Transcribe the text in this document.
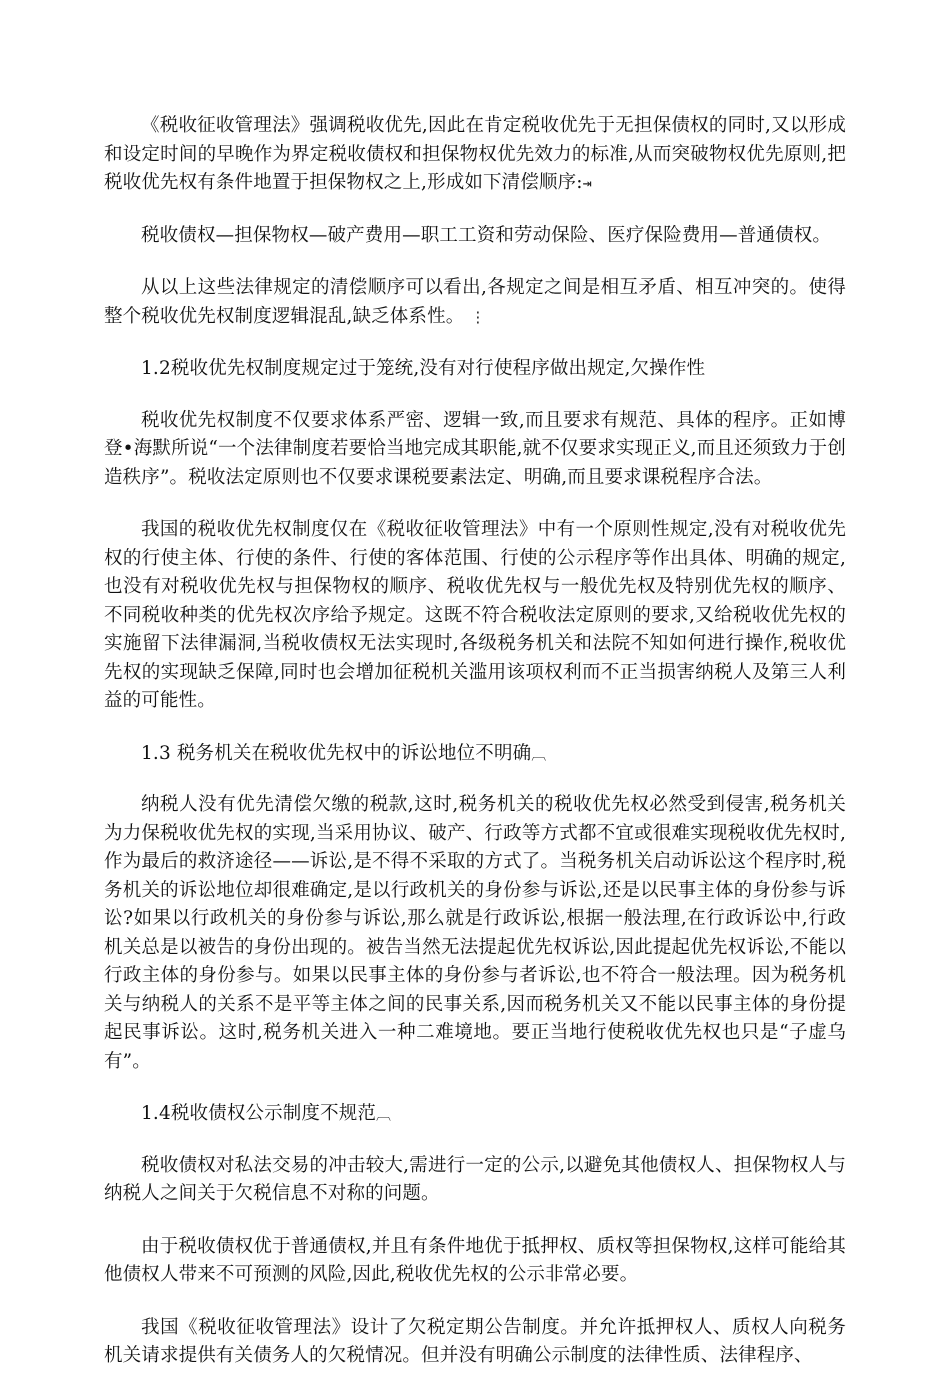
《税收征收管理法》强调税收优先,因此在肯定税收优先于无担保债权的同时,又以形成和设定时间的早晚作为界定税收债权和担保物权优先效力的标准,从而突破物权优先原则,把税收优先权有条件地置于担保物权之上,形成如下清偿顺序:⇥

税收债权—担保物权—破产费用—职工工资和劳动保险、医疗保险费用—普通债权。

从以上这些法律规定的清偿顺序可以看出,各规定之间是相互矛盾、相互冲突的。使得整个税收优先权制度逻辑混乱,缺乏体系性。 ⋮

1.2税收优先权制度规定过于笼统,没有对行使程序做出规定,欠操作性

税收优先权制度不仅要求体系严密、逻辑一致,而且要求有规范、具体的程序。正如博登•海默所说“一个法律制度若要恰当地完成其职能,就不仅要求实现正义,而且还须致力于创造秩序”。税收法定原则也不仅要求课税要素法定、明确,而且要求课税程序合法。

我国的税收优先权制度仅在《税收征收管理法》中有一个原则性规定,没有对税收优先权的行使主体、行使的条件、行使的客体范围、行使的公示程序等作出具体、明确的规定,也没有对税收优先权与担保物权的顺序、税收优先权与一般优先权及特别优先权的顺序、不同税收种类的优先权次序给予规定。这既不符合税收法定原则的要求,又给税收优先权的实施留下法律漏洞,当税收债权无法实现时,各级税务机关和法院不知如何进行操作,税收优先权的实现缺乏保障,同时也会增加征税机关滥用该项权利而不正当损害纳税人及第三人利益的可能性。

1.3 税务机关在税收优先权中的诉讼地位不明确︹

纳税人没有优先清偿欠缴的税款,这时,税务机关的税收优先权必然受到侵害,税务机关为力保税收优先权的实现,当采用协议、破产、行政等方式都不宜或很难实现税收优先权时,作为最后的救济途径——诉讼,是不得不采取的方式了。当税务机关启动诉讼这个程序时,税务机关的诉讼地位却很难确定,是以行政机关的身份参与诉讼,还是以民事主体的身份参与诉讼?如果以行政机关的身份参与诉讼,那么就是行政诉讼,根据一般法理,在行政诉讼中,行政机关总是以被告的身份出现的。被告当然无法提起优先权诉讼,因此提起优先权诉讼,不能以行政主体的身份参与。如果以民事主体的身份参与者诉讼,也不符合一般法理。因为税务机关与纳税人的关系不是平等主体之间的民事关系,因而税务机关又不能以民事主体的身份提起民事诉讼。这时,税务机关进入一种二难境地。要正当地行使税收优先权也只是“子虚乌有”。

1.4税收债权公示制度不规范︹

税收债权对私法交易的冲击较大,需进行一定的公示,以避免其他债权人、担保物权人与纳税人之间关于欠税信息不对称的问题。

由于税收债权优于普通债权,并且有条件地优于抵押权、质权等担保物权,这样可能给其他债权人带来不可预测的风险,因此,税收优先权的公示非常必要。

我国《税收征收管理法》设计了欠税定期公告制度。并允许抵押权人、质权人向税务机关请求提供有关债务人的欠税情况。但并没有明确公示制度的法律性质、法律程序、
